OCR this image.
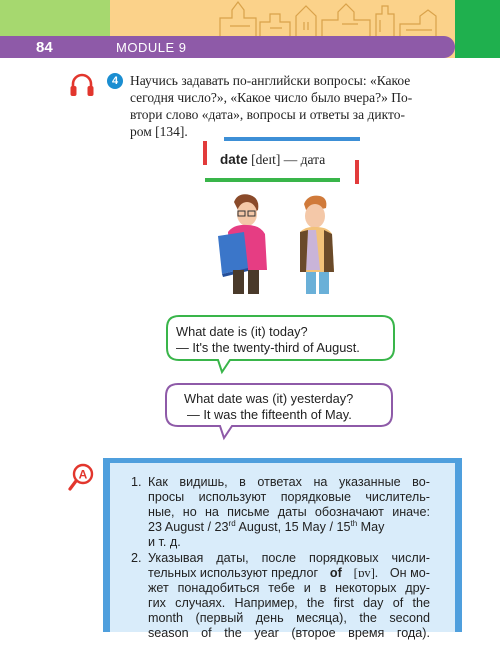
84	MODULE 9
4 Научись задавать по-английски вопросы: «Какое
сегодня число?», «Какое число было вчера?» По-
втори слово «дата», вопросы и ответы за дикто-
ром [134].
date [deɪt] — дата
What date is (it) today?
— It's the twenty-third of August.
What date was (it) yesterday?
— It was the fifteenth of May.
А
1. Как видишь, в ответах на указанные во-
просы используют порядковые числитель-
ные, но на письме даты обозначают иначе:
23 August / 23rd August, 15 May / 15th May
и т. д.
2. Указывая даты, после порядковых числи-
тельных используют предлог of [ɒv]. Он мо-
жет понадобиться тебе и в некоторых дру-
гих случаях. Например, the first day of the
month (первый день месяца), the second
season of the year (второе время года).
